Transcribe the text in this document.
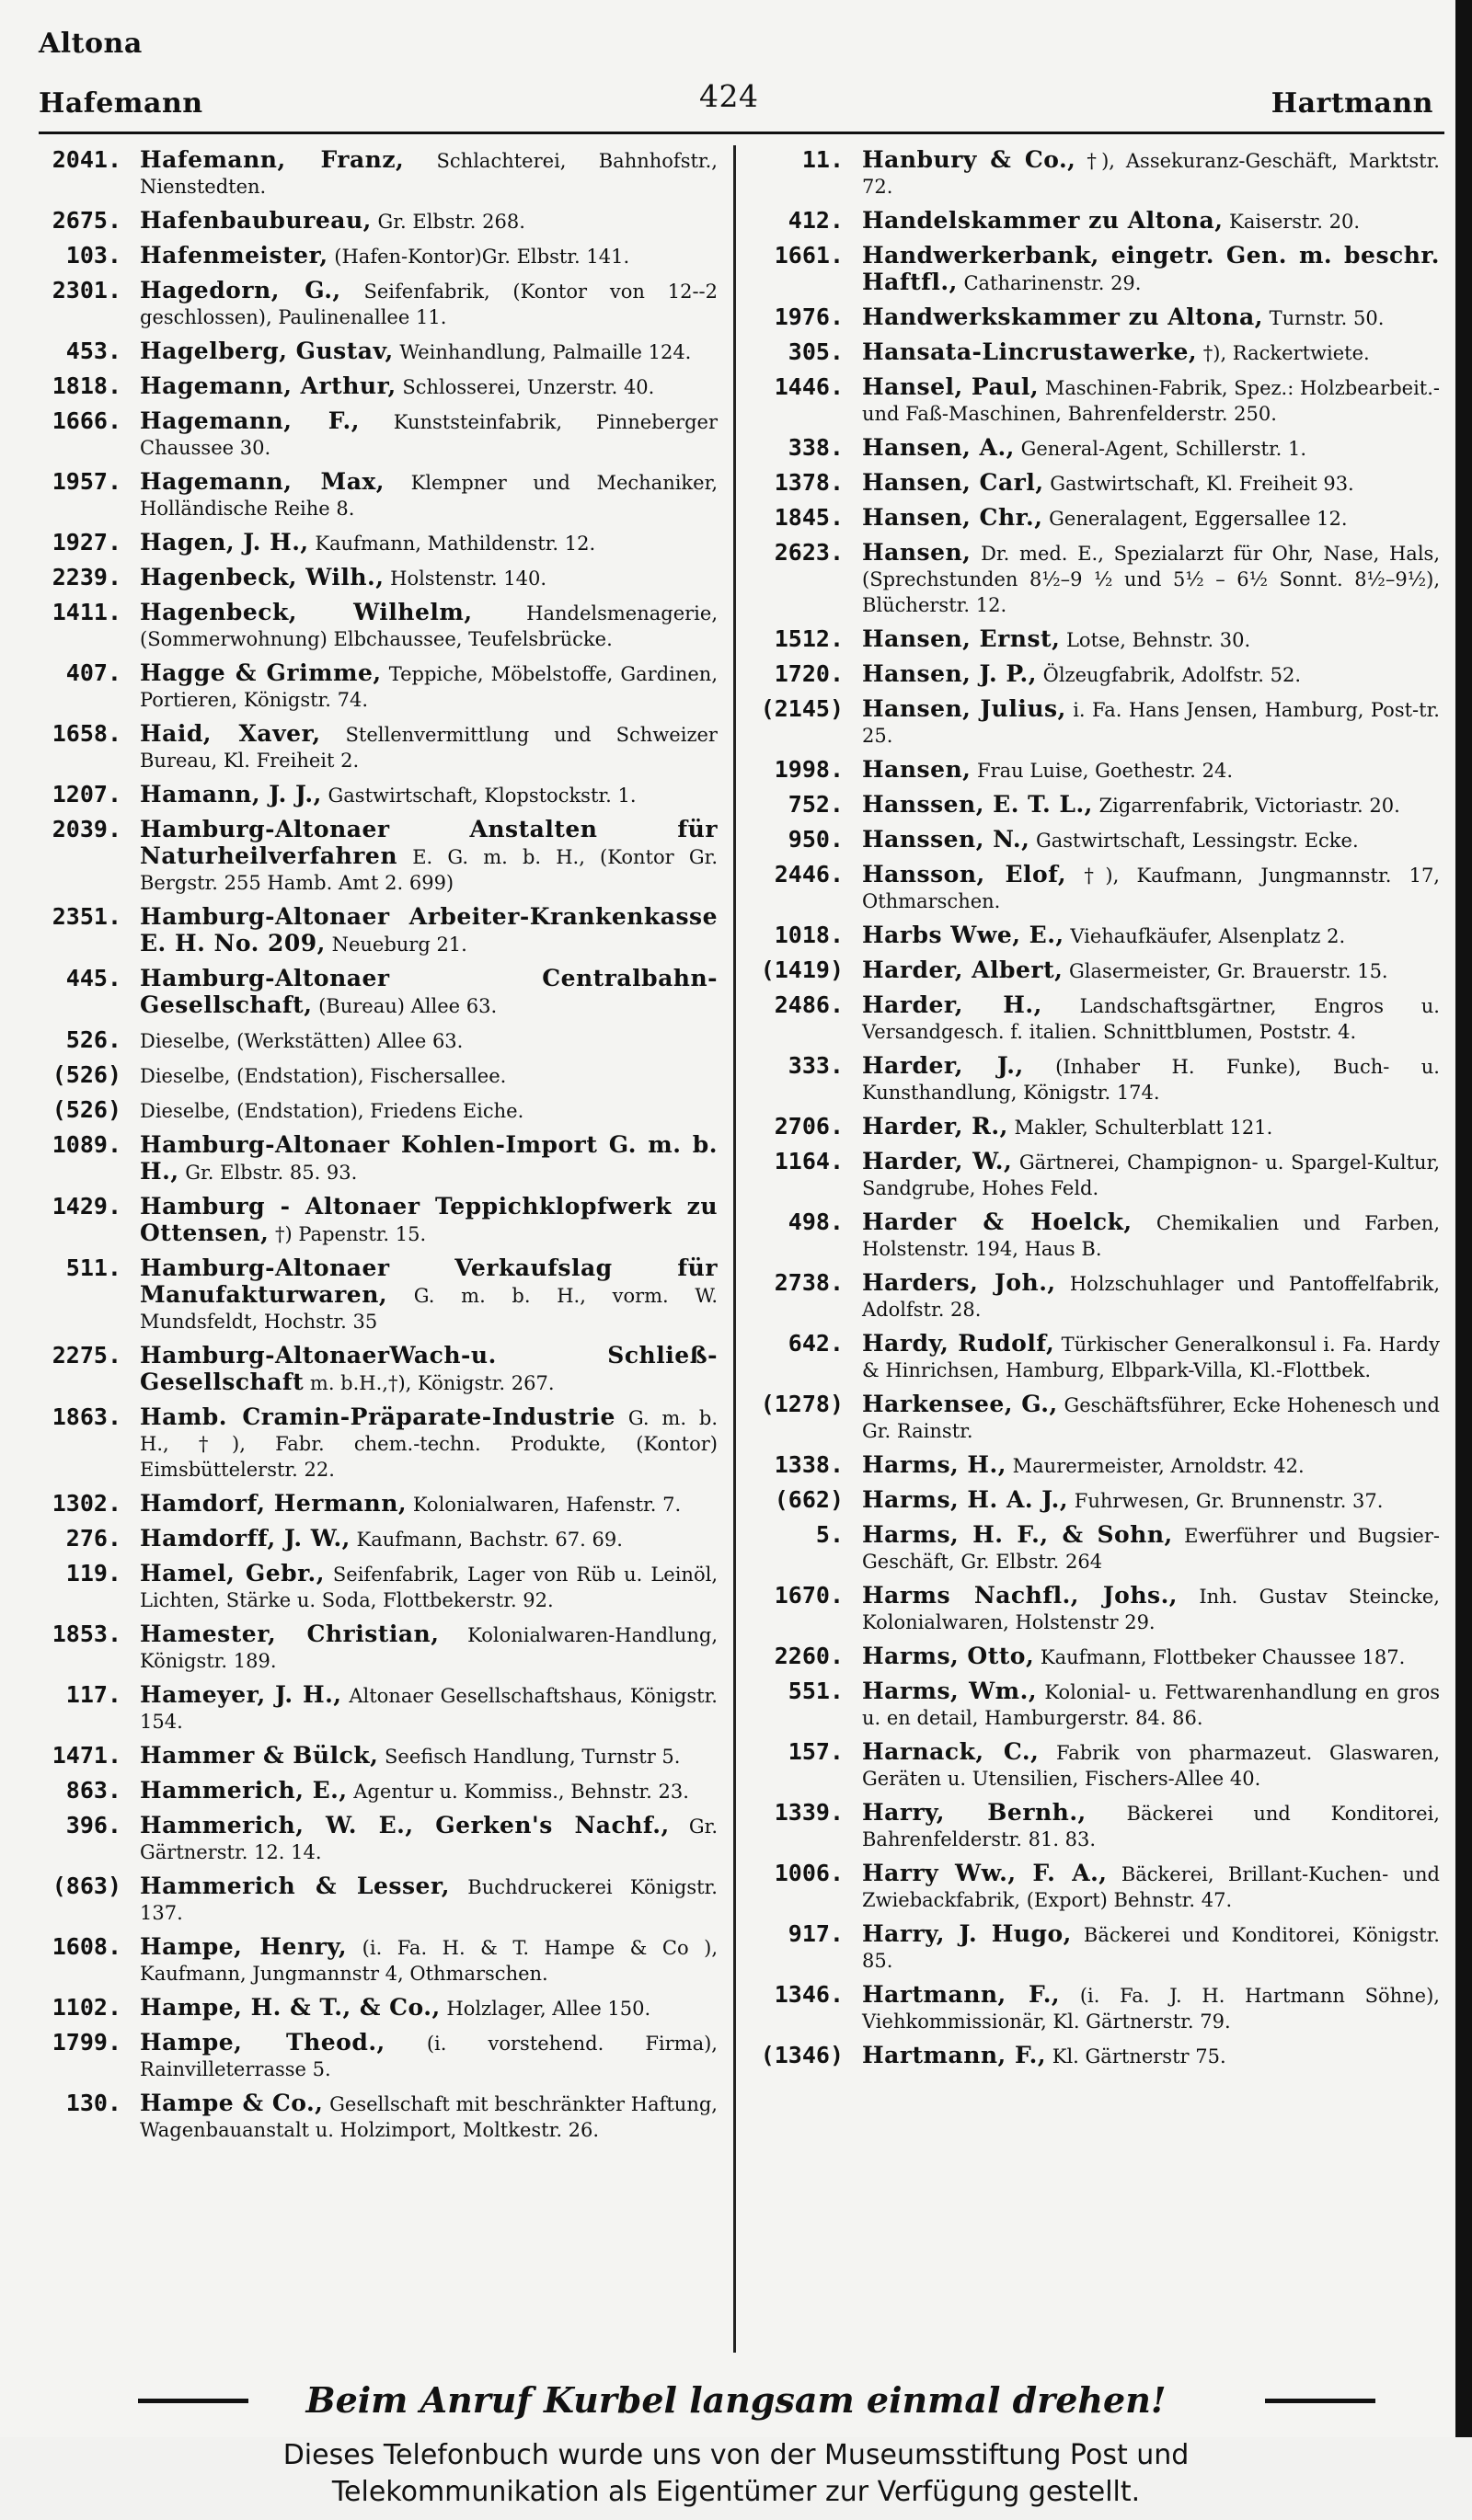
Altona
Hafemann	424	Hartmann
2041. Hafemann, Franz, Schlachterei, Bahnhofstr., Nienstedten.
2675. Hafenbaubureau, Gr. Elbstr. 268.
103. Hafenmeister, (Hafen-Kontor)Gr. Elbstr. 141.
2301. Hagedorn, G., Seifenfabrik, (Kontor von 12--2 geschlossen), Paulinenallee 11.
453. Hagelberg, Gustav, Weinhandlung, Palmaille 124.
1818. Hagemann, Arthur, Schlosserei, Unzerstr. 40.
1666. Hagemann, F., Kunststeinfabrik, Pinneberger Chaussee 30.
1957. Hagemann, Max, Klempner und Mechaniker, Holländische Reihe 8.
1927. Hagen, J. H., Kaufmann, Mathildenstr. 12.
2239. Hagenbeck, Wilh., Holstenstr. 140.
1411. Hagenbeck, Wilhelm,	Handelsmenagerie, (Sommerwohnung) Elbchaussee, Teufelsbrücke.
407. Hagge & Grimme, Teppiche, Möbelstoffe, Gardinen, Portieren, Königstr. 74.
1658. Haid, Xaver, Stellenvermittlung und Schweizer Bureau, Kl. Freiheit 2.
1207. Hamann, J. J., Gastwirtschaft, Klopstockstr. 1.
2039. Hamburg-Altonaer Anstalten für Naturheilverfahren E. G. m. b. H., (Kontor Gr. Bergstr. 255 Hamb. Amt 2. 699)
2351. Hamburg-Altonaer Arbeiter-Krankenkasse E. H. No. 209, Neueburg 21.
445. Hamburg-Altonaer Centralbahn-Gesellschaft, (Bureau) Allee 63.
526. Dieselbe, (Werkstätten) Allee 63.
(526) Dieselbe, (Endstation), Fischersallee.
(526) Dieselbe, (Endstation), Friedens Eiche.
1089. Hamburg-Altonaer Kohlen-Import G. m. b. H., Gr. Elbstr. 85. 93.
1429. Hamburg - Altonaer Teppichklopfwerk zu Ottensen, †) Papenstr. 15.
511. Hamburg-Altonaer Verkaufslag für Manufakturwaren, G. m. b. H., vorm. W. Mundsfeldt, Hochstr. 35
2275. Hamburg-AltonaerWach-u. Schließ-Gesellschaft m. b.H.,†), Königstr. 267.
1863. Hamb. Cramin-Präparate-Industrie G. m. b. H., †), Fabr. chem.-techn. Produkte, (Kontor) Eimsbüttelerstr. 22.
1302. Hamdorf, Hermann, Kolonialwaren, Hafenstr. 7.
276. Hamdorff, J. W., Kaufmann, Bachstr. 67. 69.
119. Hamel, Gebr., Seifenfabrik, Lager von Rüb u. Leinöl, Lichten, Stärke u. Soda, Flottbekerstr. 92.
1853. Hamester, Christian, Kolonialwaren-Handlung, Königstr. 189.
117. Hameyer, J. H., Altonaer Gesellschaftshaus, Königstr. 154.
1471. Hammer & Bülck, Seefisch Handlung, Turnstr 5.
863. Hammerich, E., Agentur u. Kommiss., Behnstr. 23.
396. Hammerich, W. E., Gerken's Nachf., Gr. Gärtnerstr. 12. 14.
(863) Hammerich & Lesser, Buchdruckerei Königstr. 137.
1608. Hampe, Henry, (i. Fa. H. & T. Hampe & Co ), Kaufmann, Jungmannstr 4, Othmarschen.
1102. Hampe, H. & T., & Co., Holzlager, Allee 150.
1799. Hampe, Theod., (i. vorstehend. Firma), Rainvilleterrasse 5.
130. Hampe & Co., Gesellschaft mit beschränkter Haftung, Wagenbauanstalt u. Holzimport, Moltkestr. 26.
11. Hanbury & Co., †), Assekuranz-Geschäft, Marktstr. 72.
412. Handelskammer zu Altona, Kaiserstr. 20.
1661. Handwerkerbank, eingetr. Gen. m. beschr. Haftfl., Catharinenstr. 29.
1976. Handwerkskammer zu Altona, Turnstr. 50.
305. Hansata-Lincrustawerke, †), Rackertwiete.
1446. Hansel, Paul, Maschinen-Fabrik, Spez.: Holzbearbeit.- und Faß-Maschinen, Bahrenfelderstr. 250.
338. Hansen, A., General-Agent, Schillerstr. 1.
1378. Hansen, Carl, Gastwirtschaft, Kl. Freiheit 93.
1845. Hansen, Chr., Generalagent, Eggersallee 12.
2623. Hansen, Dr. med. E., Spezialarzt für Ohr, Nase, Hals, (Sprechstunden 8½–9 ½ und 5½ – 6½ Sonnt. 8½–9½), Blücherstr. 12.
1512. Hansen, Ernst, Lotse, Behnstr. 30.
1720. Hansen, J. P., Ölzeugfabrik, Adolfstr. 52.
(2145) Hansen, Julius, i. Fa. Hans Jensen, Hamburg, Post-tr. 25.
1998. Hansen, Frau Luise, Goethestr. 24.
752. Hanssen, E. T. L., Zigarrenfabrik, Victoriastr. 20.
950. Hanssen, N., Gastwirtschaft, Lessingstr. Ecke.
2446. Hansson, Elof, †), Kaufmann, Jungmannstr. 17, Othmarschen.
1018. Harbs Wwe, E., Viehaufkäufer, Alsenplatz 2.
(1419) Harder, Albert, Glasermeister, Gr. Brauerstr. 15.
2486. Harder, H., Landschaftsgärtner, Engros u. Versandgesch. f. italien. Schnittblumen, Poststr. 4.
333. Harder, J., (Inhaber H. Funke), Buch- u. Kunsthandlung, Königstr. 174.
2706. Harder, R., Makler, Schulterblatt 121.
1164. Harder, W., Gärtnerei, Champignon- u. Spargel-Kultur, Sandgrube, Hohes Feld.
498. Harder & Hoelck, Chemikalien und Farben, Holstenstr. 194, Haus B.
2738. Harders, Joh., Holzschuhlager und Pantoffelfabrik, Adolfstr. 28.
642. Hardy, Rudolf, Türkischer Generalkonsul i. Fa. Hardy & Hinrichsen, Hamburg, Elbpark-Villa, Kl.-Flottbek.
(1278) Harkensee, G., Geschäftsführer, Ecke Hohenesch und Gr. Rainstr.
1338. Harms, H., Maurermeister, Arnoldstr. 42.
(662) Harms, H. A. J., Fuhrwesen, Gr. Brunnenstr. 37.
5. Harms, H. F., & Sohn, Ewerführer und Bugsier-Geschäft, Gr. Elbstr. 264
1670. Harms Nachfl., Johs., Inh. Gustav Steincke, Kolonialwaren, Holstenstr 29.
2260. Harms, Otto, Kaufmann, Flottbeker Chaussee 187.
551. Harms, Wm., Kolonial- u. Fettwarenhandlung en gros u. en detail, Hamburgerstr. 84. 86.
157. Harnack, C., Fabrik von pharmazeut. Glaswaren, Geräten u. Utensilien, Fischers-Allee 40.
1339. Harry, Bernh., Bäckerei und Konditorei, Bahrenfelderstr. 81. 83.
1006. Harry Ww., F. A., Bäckerei, Brillant-Kuchen- und Zwiebackfabrik, (Export) Behnstr. 47.
917. Harry, J. Hugo, Bäckerei und Konditorei, Königstr. 85.
1346. Hartmann, F., (i. Fa. J. H. Hartmann Söhne), Viehkommissionär, Kl. Gärtnerstr. 79.
(1346) Hartmann, F., Kl. Gärtnerstr 75.
Beim Anruf Kurbel langsam einmal drehen!
Dieses Telefonbuch wurde uns von der Museumsstiftung Post und
Telekommunikation als Eigentümer zur Verfügung gestellt.
